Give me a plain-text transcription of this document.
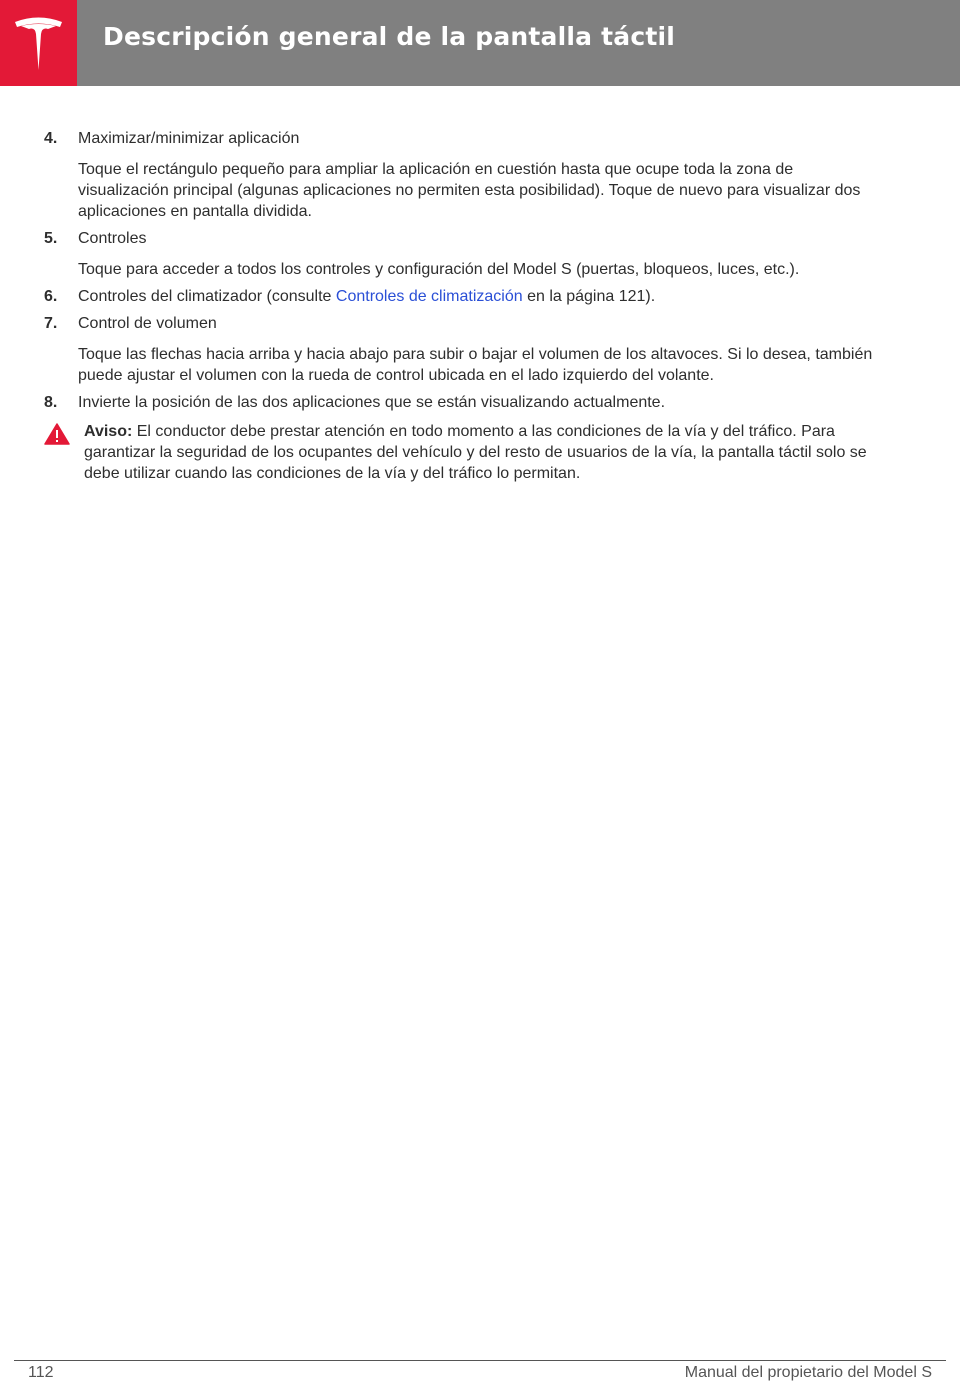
Descripción general de la pantalla táctil
4. Maximizar/minimizar aplicación
Toque el rectángulo pequeño para ampliar la aplicación en cuestión hasta que ocupe toda la zona de visualización principal (algunas aplicaciones no permiten esta posibilidad). Toque de nuevo para visualizar dos aplicaciones en pantalla dividida.
5. Controles
Toque para acceder a todos los controles y configuración del Model S (puertas, bloqueos, luces, etc.).
6. Controles del climatizador (consulte Controles de climatización en la página 121).
7. Control de volumen
Toque las flechas hacia arriba y hacia abajo para subir o bajar el volumen de los altavoces. Si lo desea, también puede ajustar el volumen con la rueda de control ubicada en el lado izquierdo del volante.
8. Invierte la posición de las dos aplicaciones que se están visualizando actualmente.
Aviso: El conductor debe prestar atención en todo momento a las condiciones de la vía y del tráfico. Para garantizar la seguridad de los ocupantes del vehículo y del resto de usuarios de la vía, la pantalla táctil solo se debe utilizar cuando las condiciones de la vía y del tráfico lo permitan.
112	Manual del propietario del Model S
